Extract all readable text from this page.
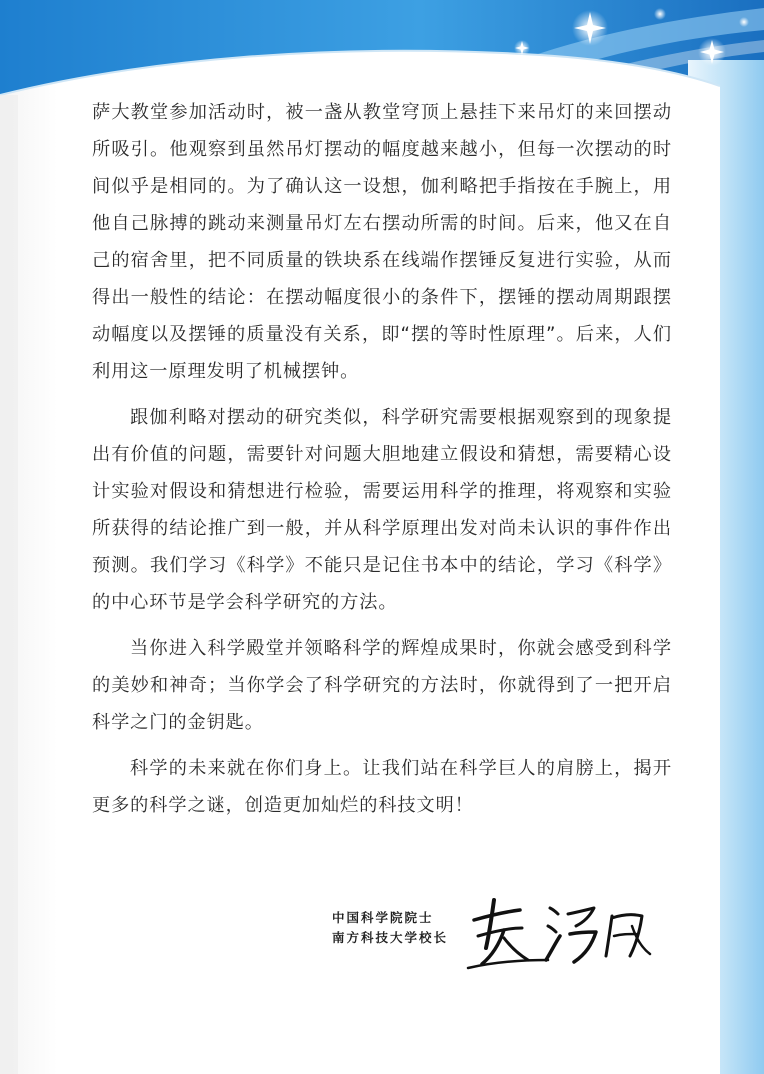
萨大教堂参加活动时，被一盏从教堂穹顶上悬挂下来吊灯的来回摆动所吸引。他观察到虽然吊灯摆动的幅度越来越小，但每一次摆动的时间似乎是相同的。为了确认这一设想，伽利略把手指按在手腕上，用他自己脉搏的跳动来测量吊灯左右摆动所需的时间。后来，他又在自己的宿舍里，把不同质量的铁块系在线端作摆锤反复进行实验，从而得出一般性的结论：在摆动幅度很小的条件下，摆锤的摆动周期跟摆动幅度以及摆锤的质量没有关系，即“摆的等时性原理”。后来，人们利用这一原理发明了机械摆钟。

跟伽利略对摆动的研究类似，科学研究需要根据观察到的现象提出有价值的问题，需要针对问题大胆地建立假设和猜想，需要精心设计实验对假设和猜想进行检验，需要运用科学的推理，将观察和实验所获得的结论推广到一般，并从科学原理出发对尚未认识的事件作出预测。我们学习《科学》不能只是记住书本中的结论，学习《科学》的中心环节是学会科学研究的方法。

当你进入科学殿堂并领略科学的辉煌成果时，你就会感受到科学的美妙和神奇；当你学会了科学研究的方法时，你就得到了一把开启科学之门的金钥匙。

科学的未来就在你们身上。让我们站在科学巨人的肩膀上，揭开更多的科学之谜，创造更加灿烂的科技文明！

中国科学院院士
南方科技大学校长
